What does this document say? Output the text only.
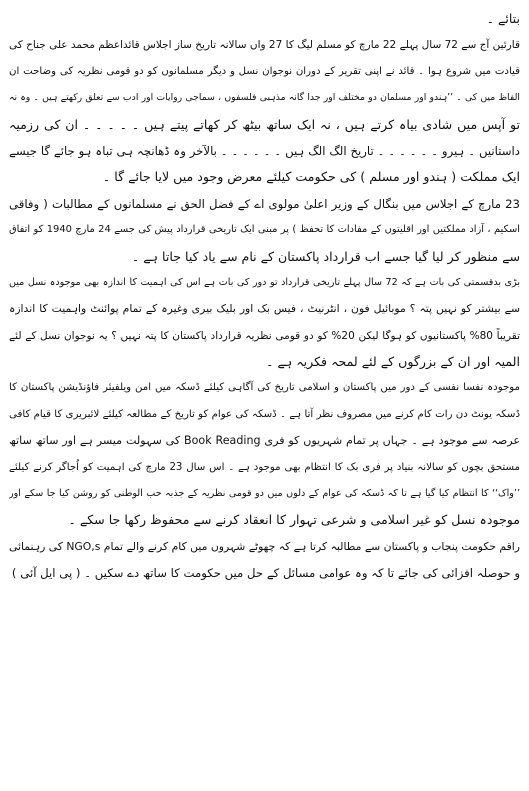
بتائے ۔
قارئین آج سے 72 سال پہلے 22 مارچ کو مسلم لیگ کا 27 واں سالانہ تاریخ ساز اجلاس قائداعظم محمد علی جناح کی
قیادت میں شروع ہوا ۔ قائد نے اپنی تقریر کے دوران نوجوان نسل و دیگر مسلمانوں کو دو قومی نظریہ کی وضاحت ان
الفاظ میں کی ۔ ’’ہندو اور مسلمان دو مختلف اور جدا گانہ مذہبی فلسفوں ، سماجی روایات اور ادب سے تعلق رکھتے ہیں ۔ وہ نہ
تو آپس میں شادی بیاہ کرتے ہیں ، نہ ایک ساتھ بیٹھ کر کھاتے پیتے ہیں ۔ ۔ ۔ ۔ ۔ ان کی رزمیہ
داستانیں ۔ ہیرو ۔ ۔ ۔ ۔ ۔ ۔ تاریخ الگ الگ ہیں ۔ ۔ ۔ ۔ ۔ ۔ بالآخر وہ ڈھانچہ ہی تباہ ہو جائے گا جیسے
ایک مملکت ( ہندو اور مسلم ) کی حکومت کیلئے معرض وجود میں لایا جائے گا ۔
23 مارچ کے اجلاس میں بنگال کے وزیر اعلیٰ مولوی اے کے فضل الحق نے مسلمانوں کے مطالبات ( وفاقی
اسکیم ، آزاد مملکتیں اور اقلیتوں کے مفادات کا تحفظ ) پر مبنی ایک تاریخی قرارداد پیش کی جسے 24 مارچ 1940 کو اتفاق
سے منظور کر لیا گیا جسے اب قرارداد پاکستان کے نام سے یاد کیا جاتا ہے ۔
بڑی بدقسمتی کی بات ہے کہ 72 سال پہلے تاریخی قرارداد تو دور کی بات ہے اس کی اہمیت کا اندازہ بھی موجودہ نسل میں
سے بیشتر کو نہیں پتہ ؟ موبائیل فون ، انٹرنیٹ ، فیس بک اور بلیک بیری وغیرہ کے تمام پوائنٹ واہمیت کا اندازہ
تقریباً 80% پاکستانیوں کو ہوگا لیکن 20% کو دو قومی نظریہ قرارداد پاکستان کا پتہ نہیں ؟ یہ نوجوان نسل کے لئے
المیہ اور ان کے بزرگوں کے لئے لمحہ فکریہ ہے ۔
موجودہ نفسا نفسی کے دور میں پاکستان و اسلامی تاریخ کی آگاہی کیلئے ڈسکہ میں امن ویلفیئر فاؤنڈیشن پاکستان کا
ڈسکہ یونٹ دن رات کام کرنے میں مصروف نظر آتا ہے ۔ ڈسکہ کی عوام کو تاریخ کے مطالعہ کیلئے لائبریری کا قیام کافی
عرصہ سے موجود ہے ۔ جہاں پر تمام شہریوں کو فری Book Reading کی سہولت میسر ہے اور ساتھ ساتھ
مستحق بچوں کو سالانہ بنیاد پر فری بک کا انتظام بھی موجود ہے ۔ اس سال 23 مارچ کی اہمیت کو اُجاگر کرنے کیلئے
’’واک‘‘ کا انتظام کیا گیا ہے تا کہ ڈسکہ کی عوام کے دلوں میں دو قومی نظریہ کے جذبہ حب الوطنی کو روشن کیا جا سکے اور
موجودہ نسل کو غیر اسلامی و شرعی تہوار کا انعقاد کرنے سے محفوظ رکھا جا سکے ۔
راقم حکومت پنجاب و پاکستان سے مطالبہ کرتا ہے کہ چھوٹے شہروں میں کام کرنے والے تمام NGO,s کی رہنمائی
و حوصلہ افزائی کی جائے تا کہ وہ عوامی مسائل کے حل میں حکومت کا ساتھ دے سکیں ۔ ( پی ایل آئی )
